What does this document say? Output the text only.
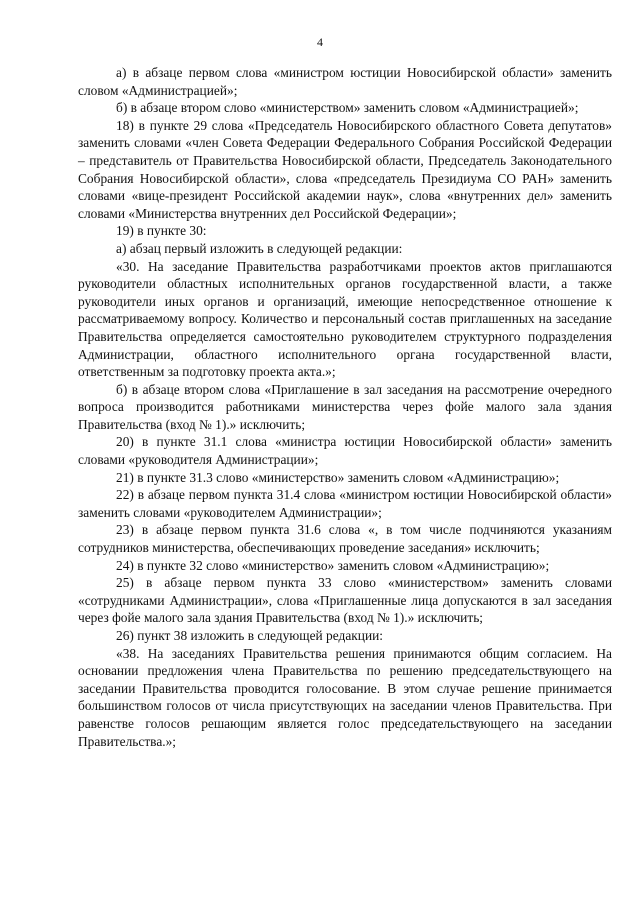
4

а) в абзаце первом слова «министром юстиции Новосибирской области» заменить словом «Администрацией»;

б) в абзаце втором слово «министерством» заменить словом «Администрацией»;

18) в пункте 29 слова «Председатель Новосибирского областного Совета депутатов» заменить словами «член Совета Федерации Федерального Собрания Российской Федерации – представитель от Правительства Новосибирской области, Председатель Законодательного Собрания Новосибирской области», слова «председатель Президиума СО РАН» заменить словами «вице-президент Российской академии наук», слова «внутренних дел» заменить словами «Министерства внутренних дел Российской Федерации»;

19) в пункте 30:

а) абзац первый изложить в следующей редакции:

«30. На заседание Правительства разработчиками проектов актов приглашаются руководители областных исполнительных органов государственной власти, а также руководители иных органов и организаций, имеющие непосредственное отношение к рассматриваемому вопросу. Количество и персональный состав приглашенных на заседание Правительства определяется самостоятельно руководителем структурного подразделения Администрации, областного исполнительного органа государственной власти, ответственным за подготовку проекта акта.»;

б) в абзаце втором слова «Приглашение в зал заседания на рассмотрение очередного вопроса производится работниками министерства через фойе малого зала здания Правительства (вход № 1).» исключить;

20) в пункте 31.1 слова «министра юстиции Новосибирской области» заменить словами «руководителя Администрации»;

21) в пункте 31.3 слово «министерство» заменить словом «Администрацию»;

22) в абзаце первом пункта 31.4 слова «министром юстиции Новосибирской области» заменить словами «руководителем Администрации»;

23) в абзаце первом пункта 31.6 слова «, в том числе подчиняются указаниям сотрудников министерства, обеспечивающих проведение заседания» исключить;

24) в пункте 32 слово «министерство» заменить словом «Администрацию»;

25) в абзаце первом пункта 33 слово «министерством» заменить словами «сотрудниками Администрации», слова «Приглашенные лица допускаются в зал заседания через фойе малого зала здания Правительства (вход № 1).» исключить;

26) пункт 38 изложить в следующей редакции:

«38. На заседаниях Правительства решения принимаются общим согласием. На основании предложения члена Правительства по решению председательствующего на заседании Правительства проводится голосование. В этом случае решение принимается большинством голосов от числа присутствующих на заседании членов Правительства. При равенстве голосов решающим является голос председательствующего на заседании Правительства.»;
